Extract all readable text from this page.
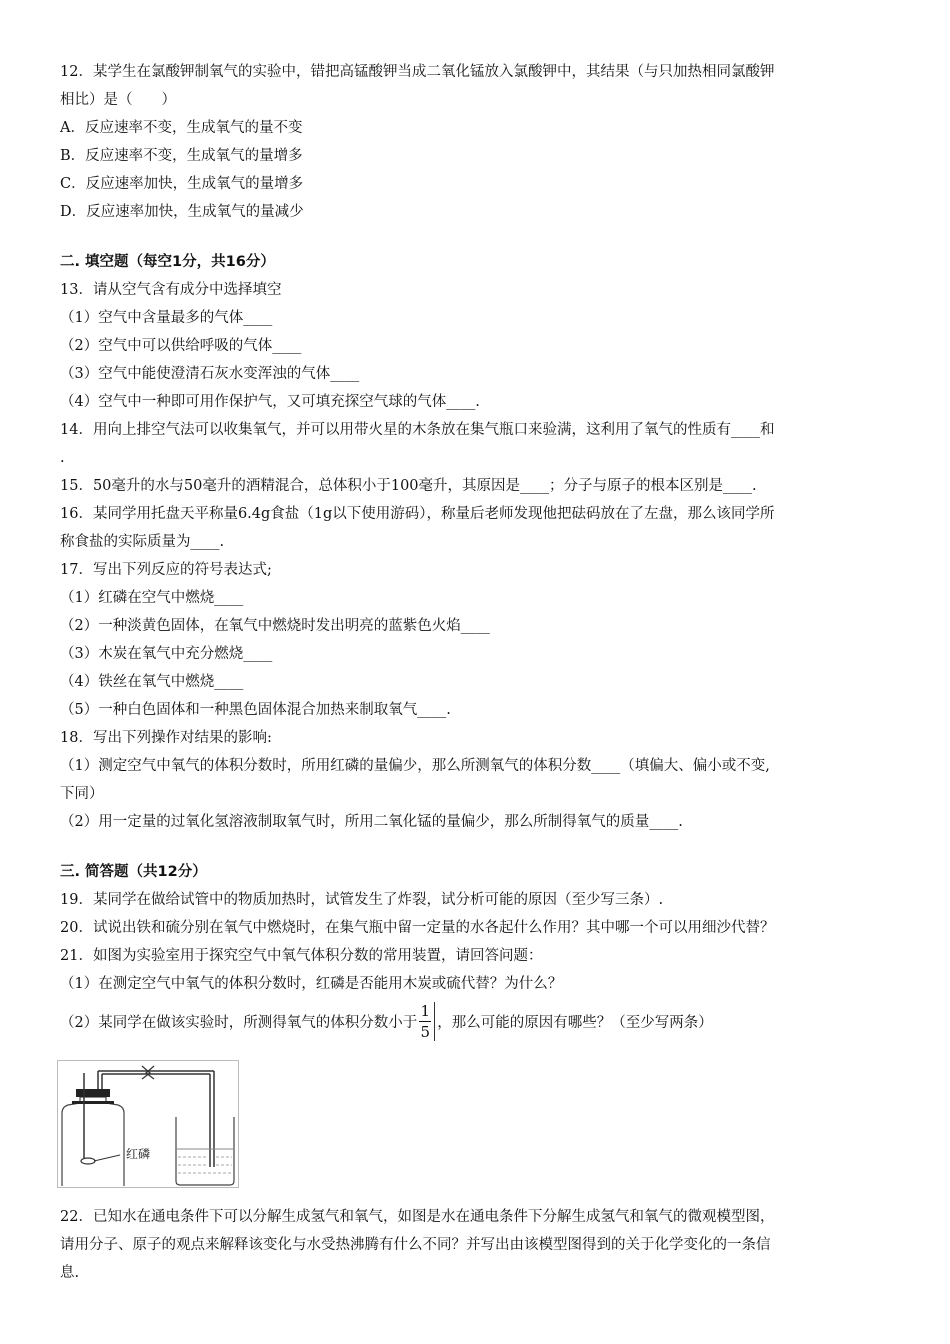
12．某学生在氯酸钾制氧气的实验中，错把高锰酸钾当成二氧化锰放入氯酸钾中，其结果（与只加热相同氯酸钾
相比）是（　　）
A．反应速率不变，生成氧气的量不变
B．反应速率不变，生成氧气的量增多
C．反应速率加快，生成氧气的量增多
D．反应速率加快，生成氧气的量减少
二. 填空题（每空1分，共16分）
13．请从空气含有成分中选择填空
（1）空气中含量最多的气体____
（2）空气中可以供给呼吸的气体____
（3）空气中能使澄清石灰水变浑浊的气体____
（4）空气中一种即可用作保护气，又可填充探空气球的气体____.
14．用向上排空气法可以收集氧气，并可以用带火星的木条放在集气瓶口来验满，这利用了氧气的性质有____和
.
15．50毫升的水与50毫升的酒精混合，总体积小于100毫升，其原因是____；分子与原子的根本区别是____.
16．某同学用托盘天平称量6.4g食盐（1g以下使用游码），称量后老师发现他把砝码放在了左盘，那么该同学所
称食盐的实际质量为____.
17．写出下列反应的符号表达式;
（1）红磷在空气中燃烧____
（2）一种淡黄色固体，在氧气中燃烧时发出明亮的蓝紫色火焰____
（3）木炭在氧气中充分燃烧____
（4）铁丝在氧气中燃烧____
（5）一种白色固体和一种黑色固体混合加热来制取氧气____.
18．写出下列操作对结果的影响:
（1）测定空气中氧气的体积分数时，所用红磷的量偏少，那么所测氧气的体积分数____（填偏大、偏小或不变,
下同）
（2）用一定量的过氧化氢溶液制取氧气时，所用二氧化锰的量偏少，那么所制得氧气的质量____.
三. 简答题（共12分）
19．某同学在做给试管中的物质加热时，试管发生了炸裂，试分析可能的原因（至少写三条）.
20．试说出铁和硫分别在氧气中燃烧时，在集气瓶中留一定量的水各起什么作用？其中哪一个可以用细沙代替？
21．如图为实验室用于探究空气中氧气体积分数的常用装置，请回答问题：
（1）在测定空气中氧气的体积分数时，红磷是否能用木炭或硫代替？为什么？
（2）某同学在做该实验时，所测得氧气的体积分数小于 $\frac{1}{5}$ ，那么可能的原因有哪些？（至少写两条）
红磷
22．已知水在通电条件下可以分解生成氢气和氧气，如图是水在通电条件下分解生成氢气和氧气的微观模型图，
请用分子、原子的观点来解释该变化与水受热沸腾有什么不同？并写出由该模型图得到的关于化学变化的一条信
息.
